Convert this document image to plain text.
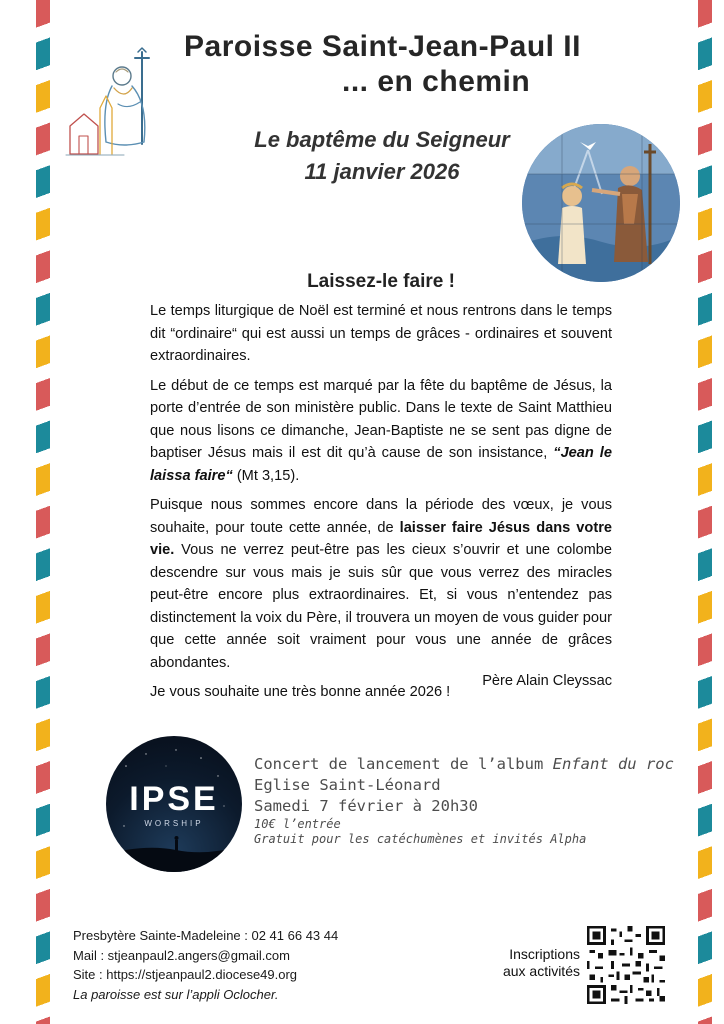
Paroisse Saint-Jean-Paul II
... en chemin
Le baptême du Seigneur
11 janvier 2026
Laissez-le faire !

Le temps liturgique de Noël est terminé et nous rentrons dans le temps dit “ordinaire“ qui est aussi un temps de grâces - ordinaires et souvent extraordinaires.

Le début de ce temps est marqué par la fête du baptême de Jésus, la porte d’entrée de son ministère public. Dans le texte de Saint Matthieu que nous lisons ce dimanche, Jean-Baptiste ne se sent pas digne de baptiser Jésus mais il est dit qu’à cause de son insistance, “Jean le laissa faire“ (Mt 3,15).

Puisque nous sommes encore dans la période des vœux, je vous souhaite, pour toute cette année, de laisser faire Jésus dans votre vie. Vous ne verrez peut-être pas les cieux s’ouvrir et une colombe descendre sur vous mais je suis sûr que vous verrez des miracles peut-être encore plus extraordinaires. Et, si vous n’entendez pas distinctement la voix du Père, il trouvera un moyen de vous guider pour que cette année soit vraiment pour vous une année de grâces abondantes.

Je vous souhaite une très bonne année 2026 !

Père Alain Cleyssac
IPSE
WORSHIP
Concert de lancement de l’album Enfant du roc
Eglise Saint-Léonard
Samedi 7 février à 20h30
10€ l’entrée
Gratuit pour les catéchumènes et invités Alpha
Presbytère Sainte-Madeleine : 02 41 66 43 44
Mail : stjeanpaul2.angers@gmail.com
Site : https://stjeanpaul2.diocese49.org
La paroisse est sur l’appli Oclocher.
Inscriptions
aux activités
